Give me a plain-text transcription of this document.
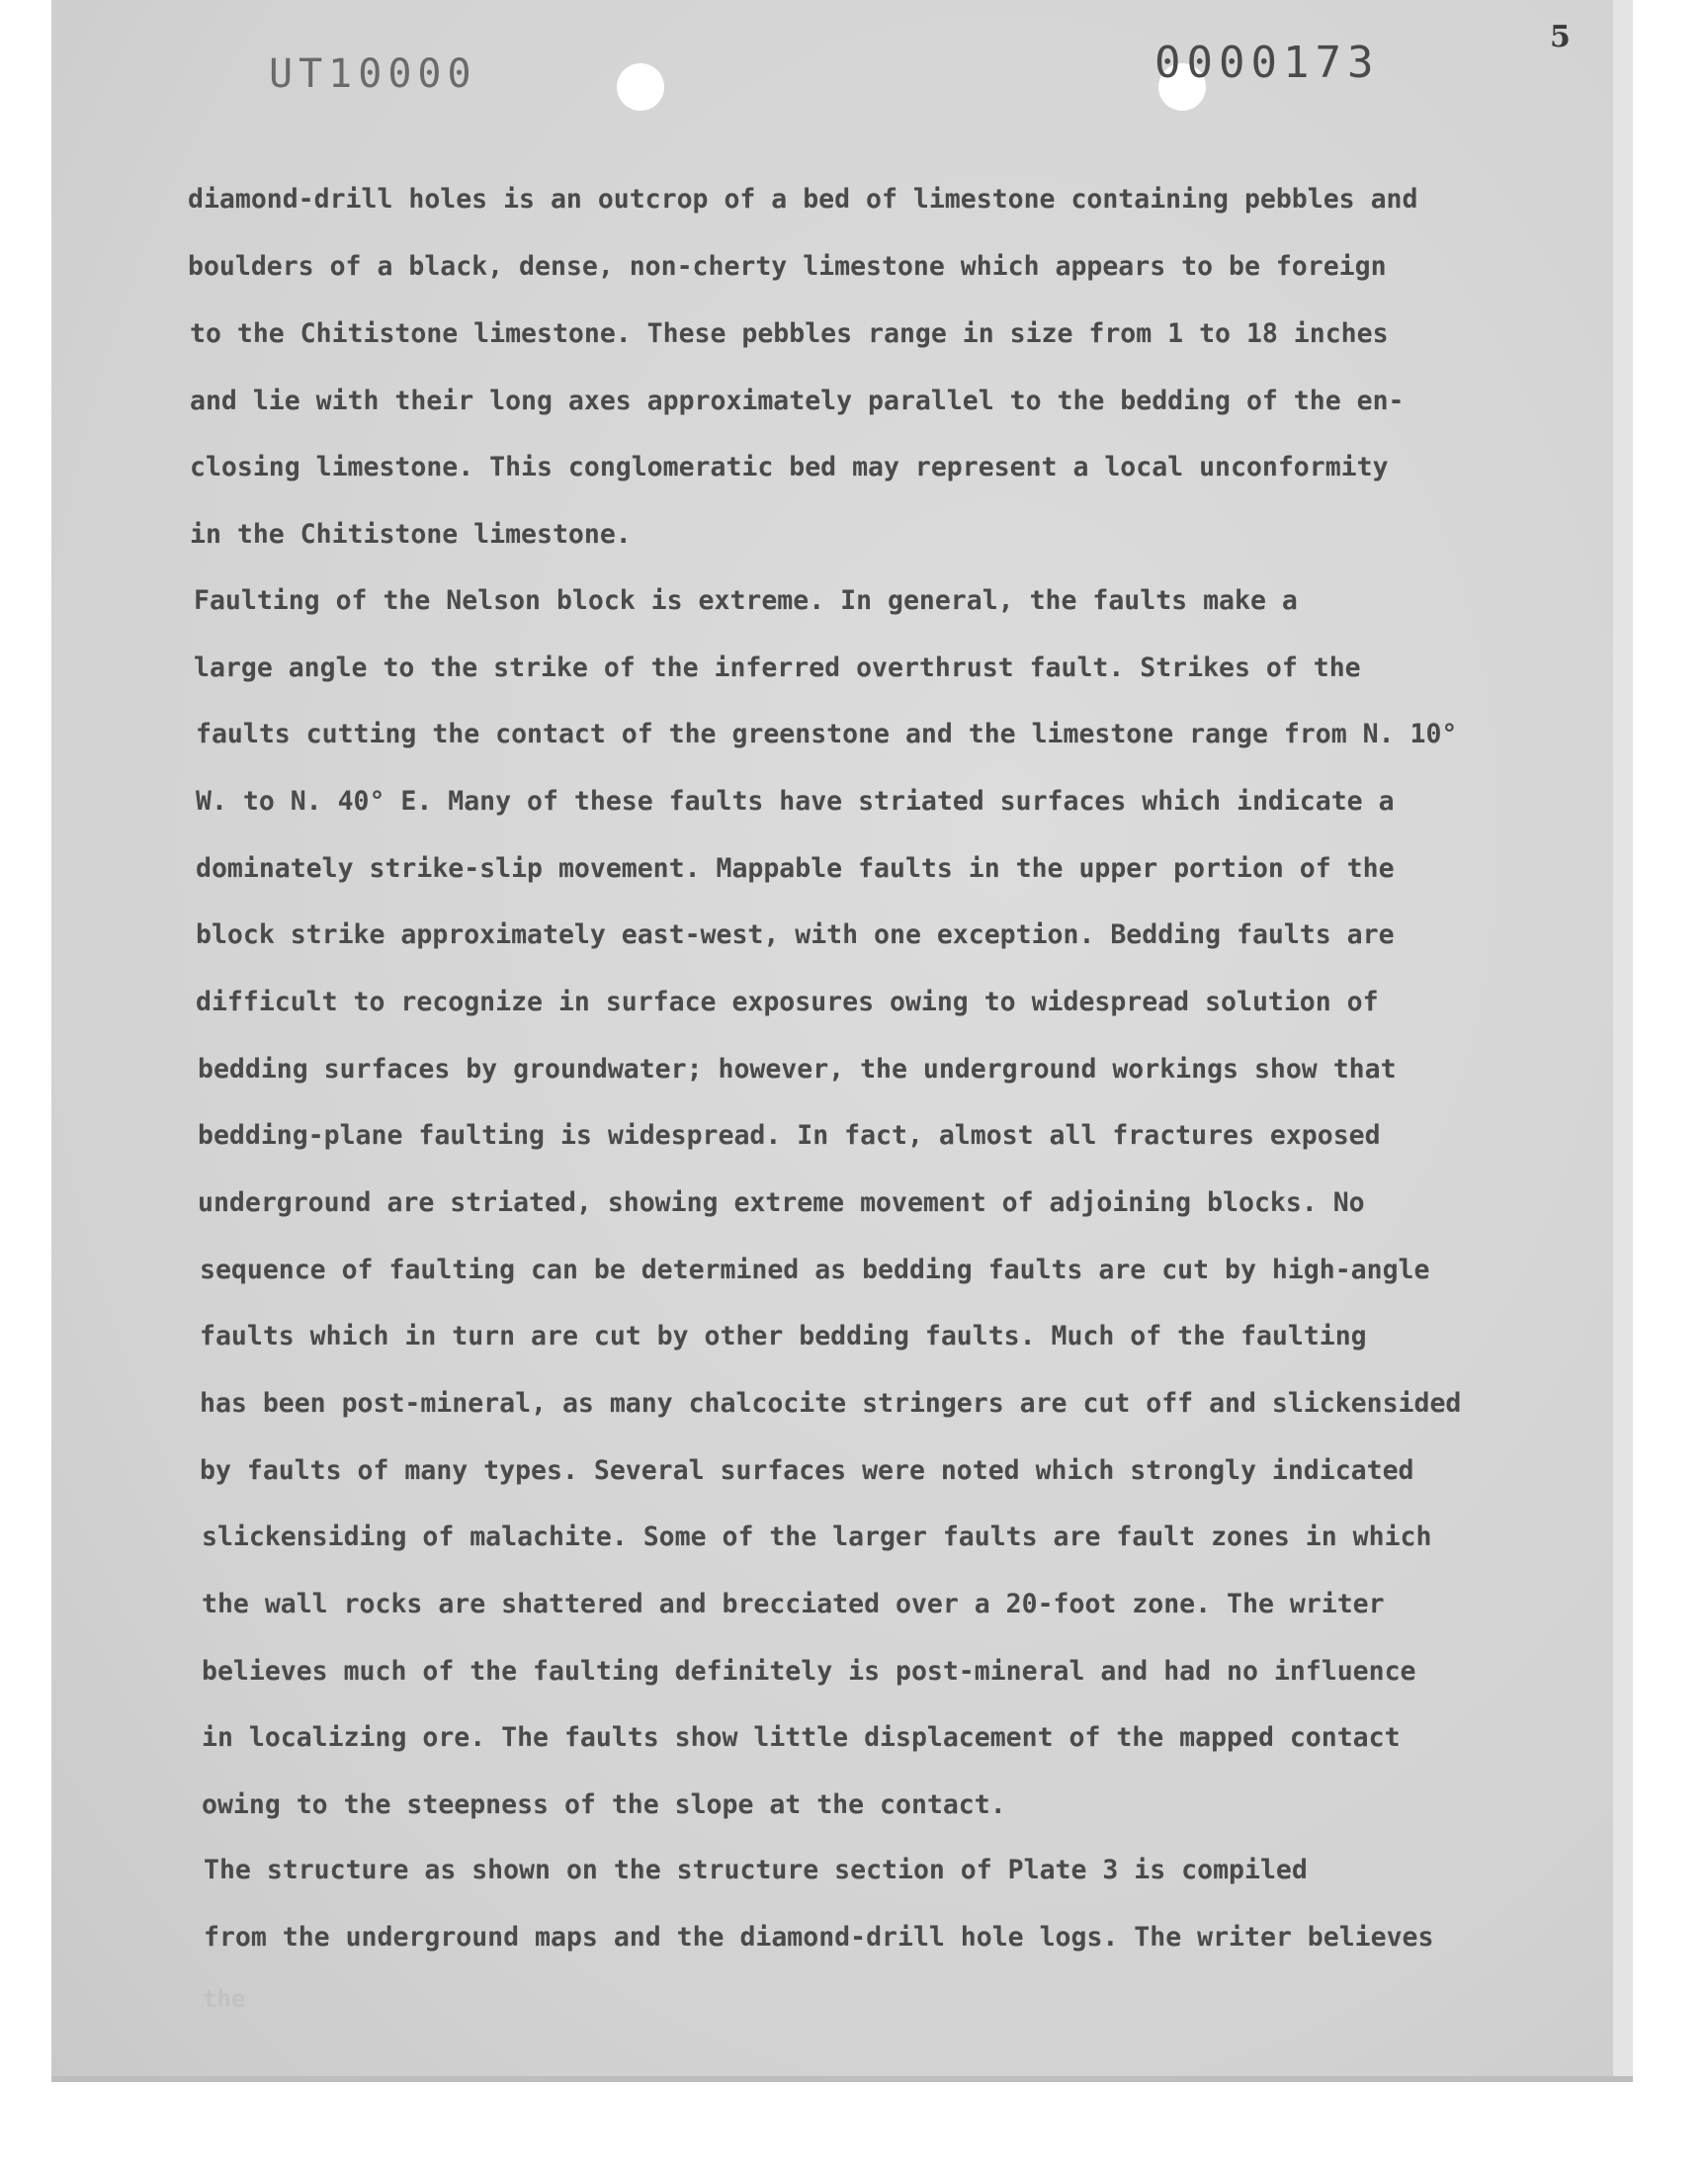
UT10000	0000173
5
diamond-drill holes is an outcrop of a bed of limestone containing pebbles and
boulders of a black, dense, non-cherty limestone which appears to be foreign
to the Chitistone limestone. These pebbles range in size from 1 to 18 inches
and lie with their long axes approximately parallel to the bedding of the en-
closing limestone. This conglomeratic bed may represent a local unconformity
in the Chitistone limestone.
Faulting of the Nelson block is extreme. In general, the faults make a
large angle to the strike of the inferred overthrust fault. Strikes of the
faults cutting the contact of the greenstone and the limestone range from N. 10°
W. to N. 40° E. Many of these faults have striated surfaces which indicate a
dominately strike-slip movement. Mappable faults in the upper portion of the
block strike approximately east-west, with one exception. Bedding faults are
difficult to recognize in surface exposures owing to widespread solution of
bedding surfaces by groundwater; however, the underground workings show that
bedding-plane faulting is widespread. In fact, almost all fractures exposed
underground are striated, showing extreme movement of adjoining blocks. No
sequence of faulting can be determined as bedding faults are cut by high-angle
faults which in turn are cut by other bedding faults. Much of the faulting
has been post-mineral, as many chalcocite stringers are cut off and slickensided
by faults of many types. Several surfaces were noted which strongly indicated
slickensiding of malachite. Some of the larger faults are fault zones in which
the wall rocks are shattered and brecciated over a 20-foot zone. The writer
believes much of the faulting definitely is post-mineral and had no influence
in localizing ore. The faults show little displacement of the mapped contact
owing to the steepness of the slope at the contact.
The structure as shown on the structure section of Plate 3 is compiled
from the underground maps and the diamond-drill hole logs. The writer believes
the
